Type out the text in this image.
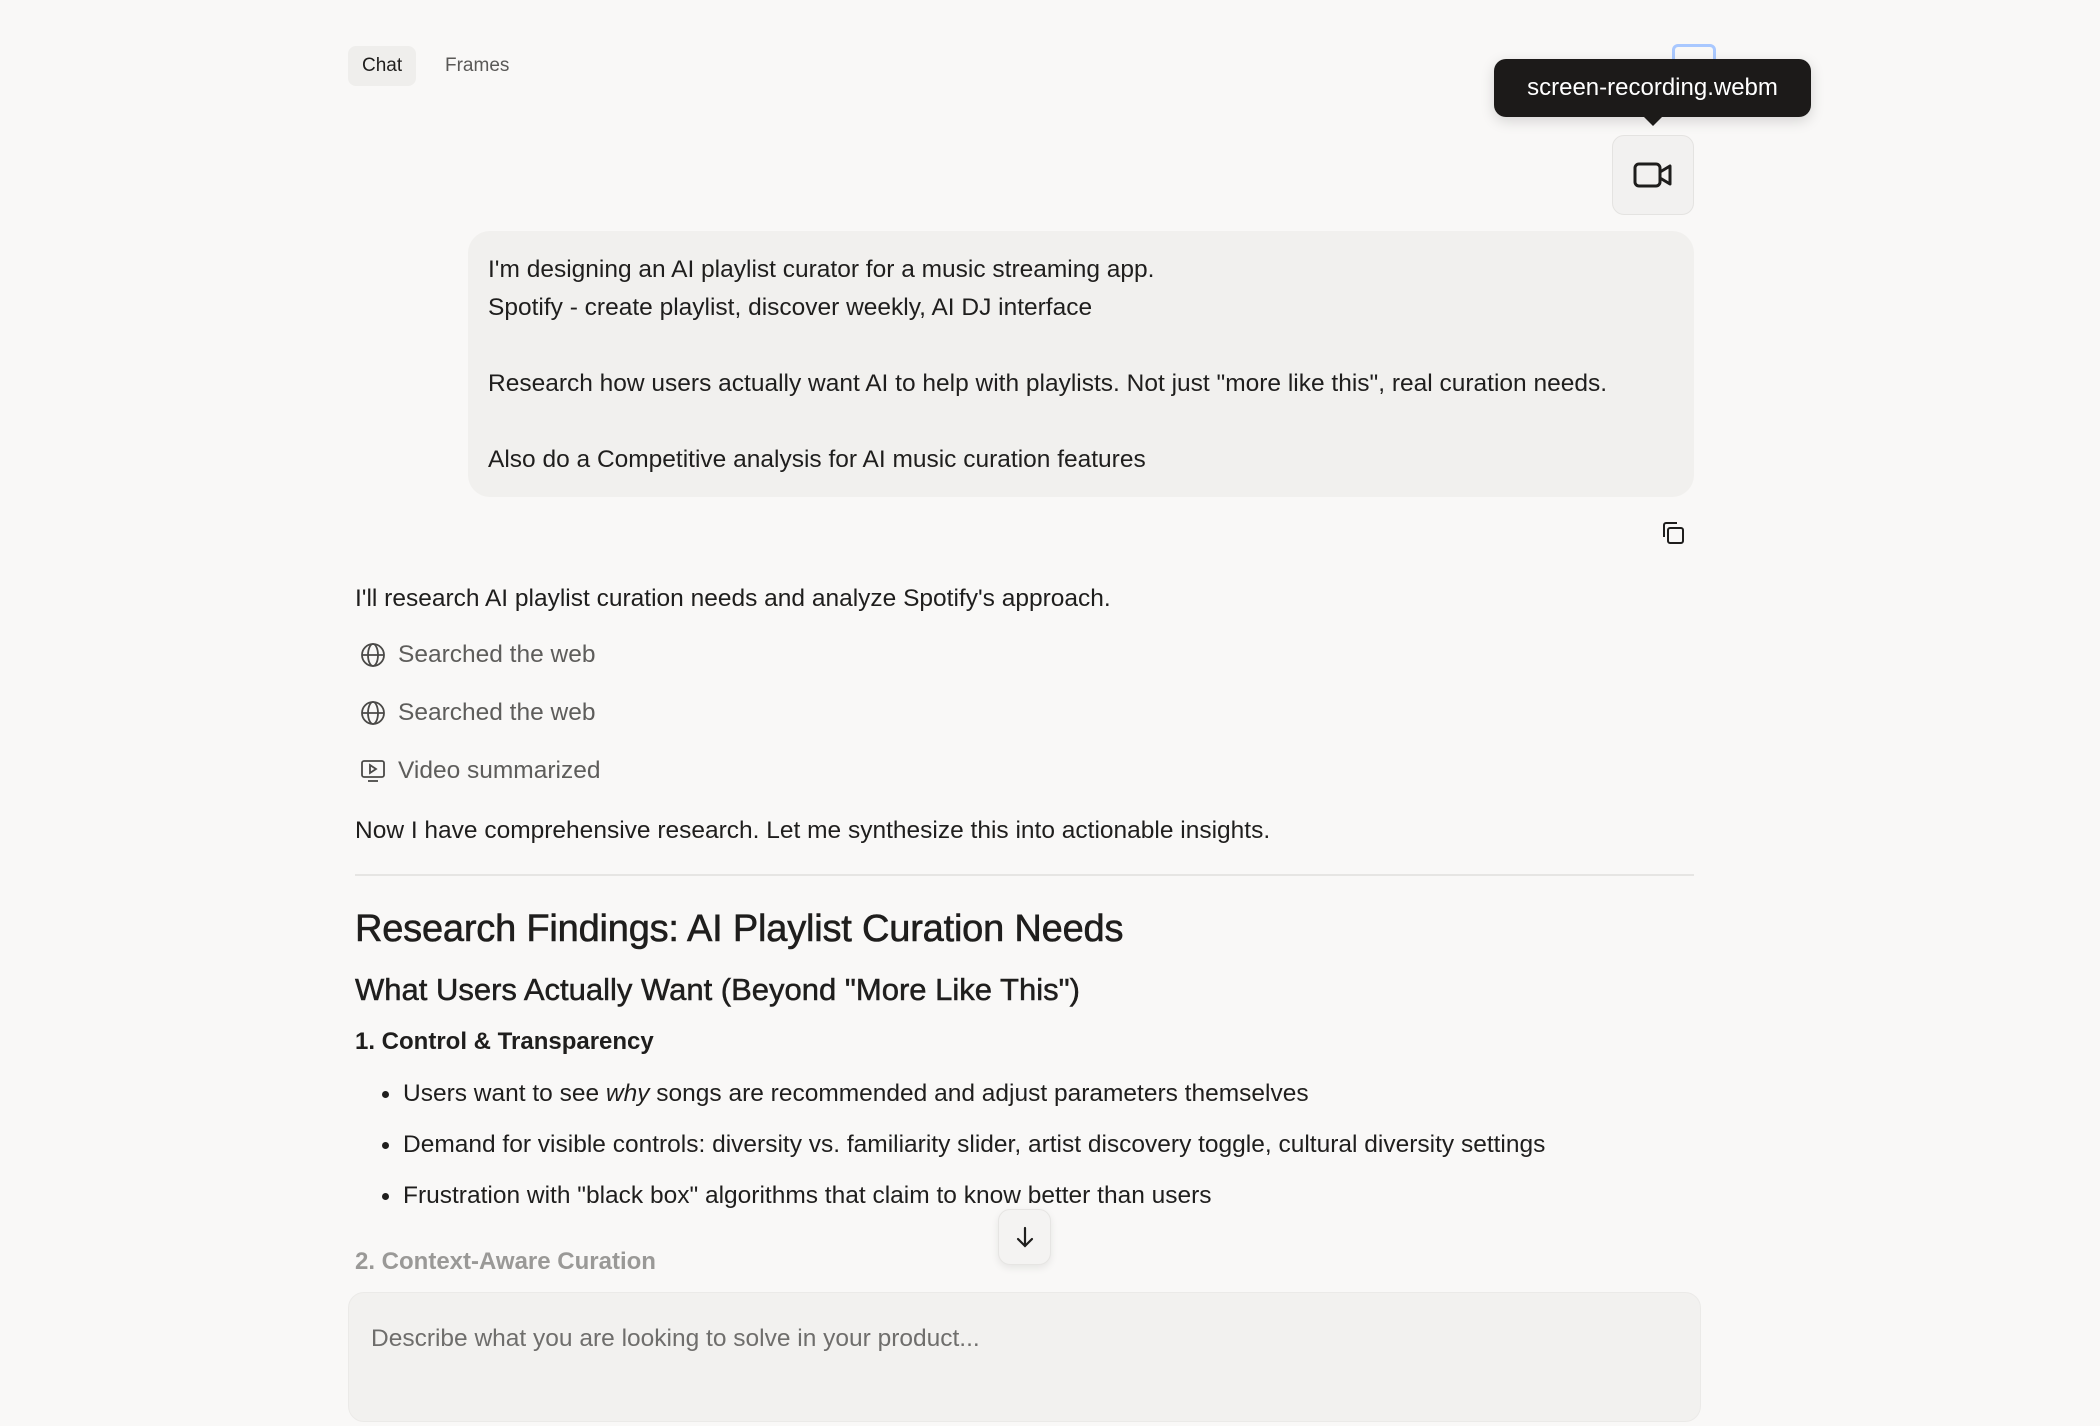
Chat	Frames
screen-recording.webm

I'm designing an AI playlist curator for a music streaming app.

Spotify - create playlist, discover weekly, AI DJ interface

Research how users actually want AI to help with playlists. Not just "more like this", real curation needs.

Also do a Competitive analysis for AI music curation features

I'll research AI playlist curation needs and analyze Spotify's approach.
Searched the web
Searched the web
Video summarized
Now I have comprehensive research. Let me synthesize this into actionable insights.
Research Findings: AI Playlist Curation Needs
What Users Actually Want (Beyond "More Like This")
1. Control & Transparency
Users want to see why songs are recommended and adjust parameters themselves
Demand for visible controls: diversity vs. familiarity slider, artist discovery toggle, cultural diversity settings
Frustration with "black box" algorithms that claim to know better than users
2. Context-Aware Curation
Describe what you are looking to solve in your product...
